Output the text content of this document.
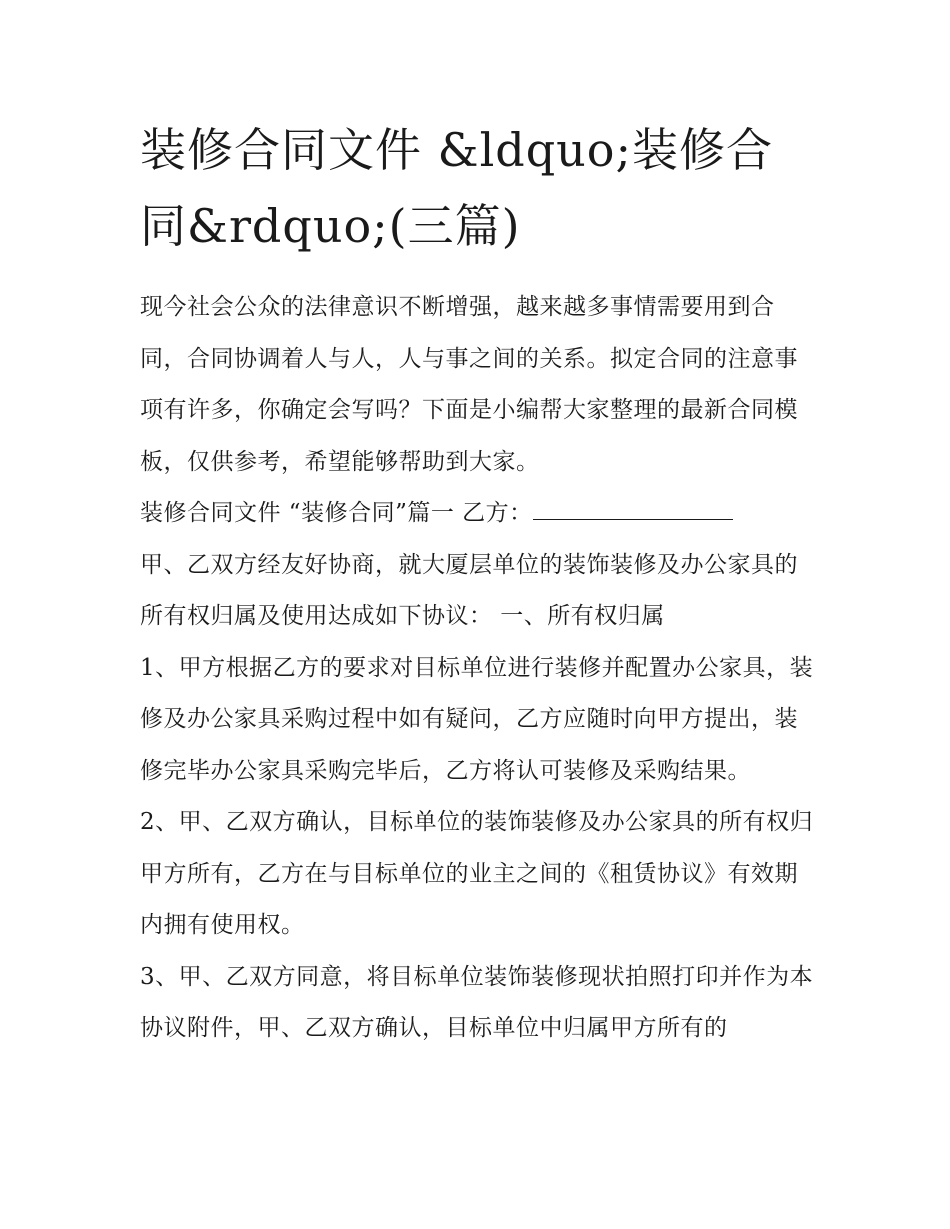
装修合同文件 &ldquo;装修合
同&rdquo;(三篇)

现今社会公众的法律意识不断增强，越来越多事情需要用到合同，合同协调着人与人，人与事之间的关系。拟定合同的注意事项有许多，你确定会写吗？下面是小编帮大家整理的最新合同模板，仅供参考，希望能够帮助到大家。

装修合同文件 “装修合同”篇一 乙方：

甲、乙双方经友好协商，就大厦层单位的装饰装修及办公家具的所有权归属及使用达成如下协议： 一、所有权归属

1、甲方根据乙方的要求对目标单位进行装修并配置办公家具，装修及办公家具采购过程中如有疑问，乙方应随时向甲方提出，装修完毕办公家具采购完毕后，乙方将认可装修及采购结果。

2、甲、乙双方确认，目标单位的装饰装修及办公家具的所有权归甲方所有，乙方在与目标单位的业主之间的《租赁协议》有效期内拥有使用权。

3、甲、乙双方同意，将目标单位装饰装修现状拍照打印并作为本协议附件，甲、乙双方确认，目标单位中归属甲方所有的
